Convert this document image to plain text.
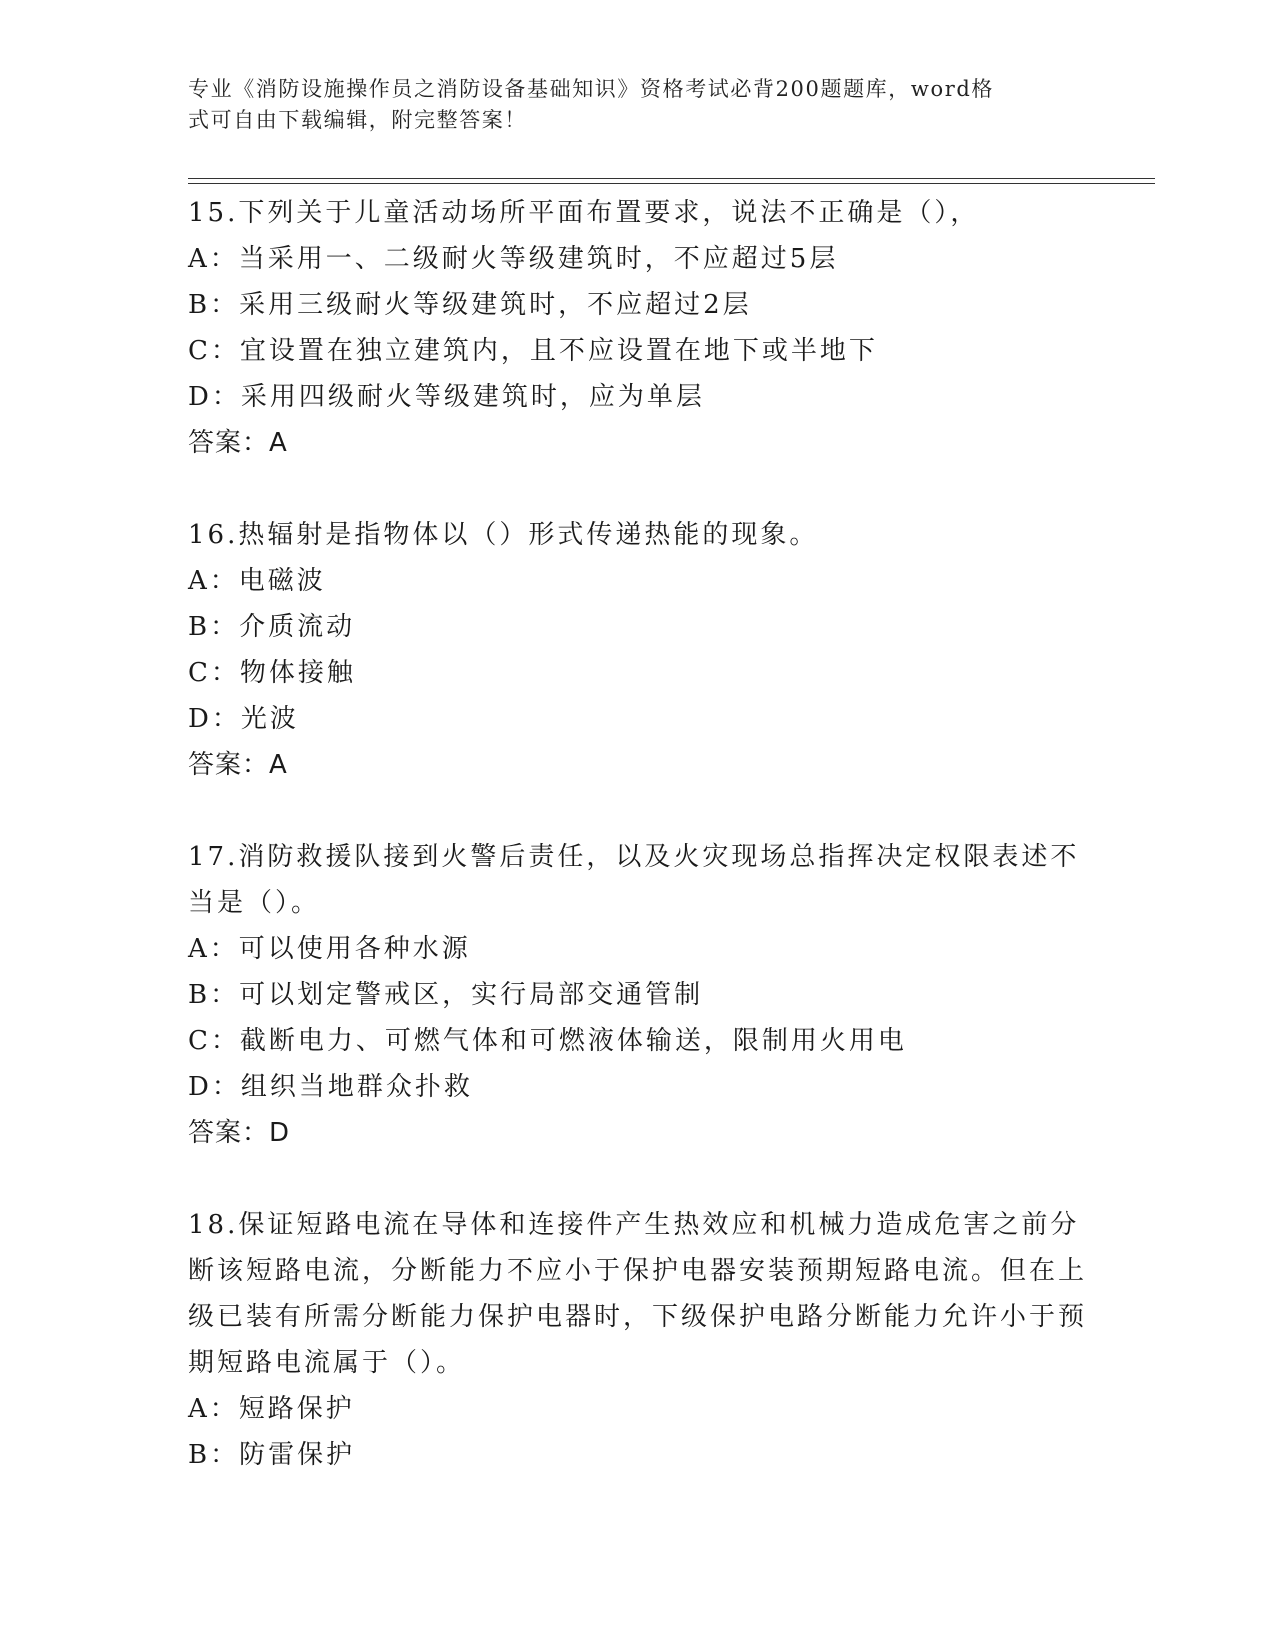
专业《消防设施操作员之消防设备基础知识》资格考试必背200题题库，word格
式可自由下载编辑，附完整答案！
15.下列关于儿童活动场所平面布置要求，说法不正确是（），
A：当采用一、二级耐火等级建筑时，不应超过5层
B：采用三级耐火等级建筑时，不应超过2层
C：宜设置在独立建筑内，且不应设置在地下或半地下
D：采用四级耐火等级建筑时，应为单层
答案：A
16.热辐射是指物体以（）形式传递热能的现象。
A：电磁波
B：介质流动
C：物体接触
D：光波
答案：A
17.消防救援队接到火警后责任，以及火灾现场总指挥决定权限表述不当是（）。
A：可以使用各种水源
B：可以划定警戒区，实行局部交通管制
C：截断电力、可燃气体和可燃液体输送，限制用火用电
D：组织当地群众扑救
答案：D
18.保证短路电流在导体和连接件产生热效应和机械力造成危害之前分断该短路电流，分断能力不应小于保护电器安装预期短路电流。但在上级已装有所需分断能力保护电器时，下级保护电路分断能力允许小于预期短路电流属于（）。
A：短路保护
B：防雷保护
